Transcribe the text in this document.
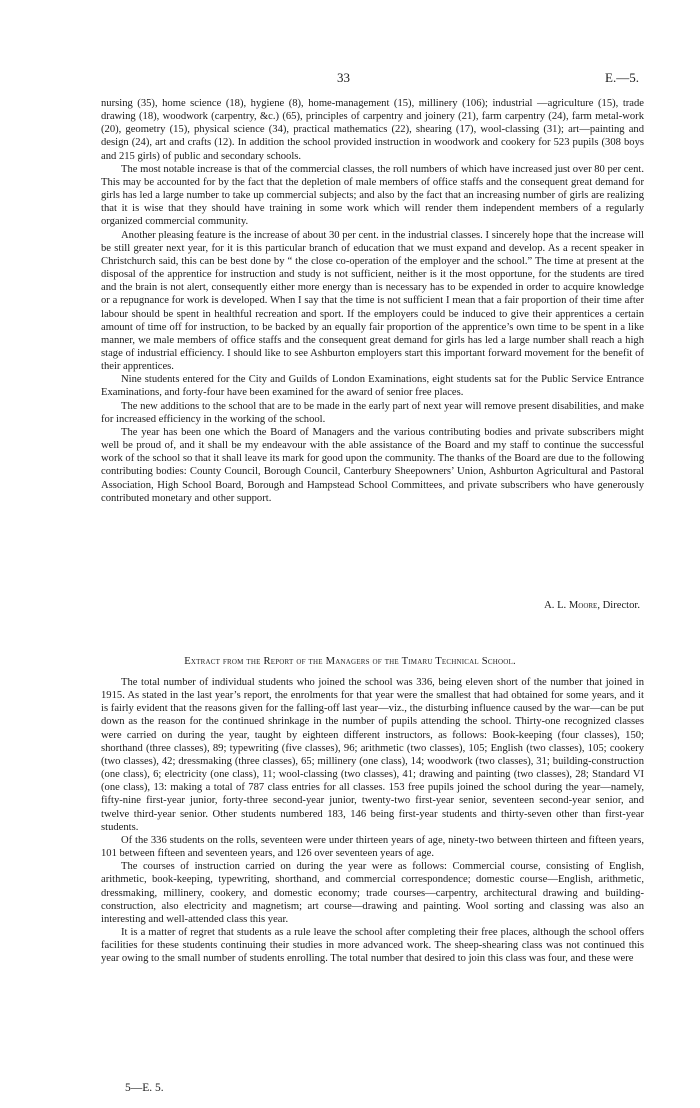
33	E.—5.

nursing (35), home science (18), hygiene (8), home-management (15), millinery (106); industrial —agriculture (15), trade drawing (18), woodwork (carpentry, &c.) (65), principles of carpentry and joinery (21), farm carpentry (24), farm metal-work (20), geometry (15), physical science (34), practical mathematics (22), shearing (17), wool-classing (31); art—painting and design (24), art and crafts (12). In addition the school provided instruction in woodwork and cookery for 523 pupils (308 boys and 215 girls) of public and secondary schools.

The most notable increase is that of the commercial classes, the roll numbers of which have increased just over 80 per cent. This may be accounted for by the fact that the depletion of male members of office staffs and the consequent great demand for girls has led a large number to take up commercial subjects; and also by the fact that an increasing number of girls are realizing that it is wise that they should have training in some work which will render them independent members of a regularly organized commercial community.

Another pleasing feature is the increase of about 30 per cent. in the industrial classes. I sincerely hope that the increase will be still greater next year, for it is this particular branch of education that we must expand and develop. As a recent speaker in Christchurch said, this can be best done by “ the close co-operation of the employer and the school.” The time at present at the disposal of the apprentice for instruction and study is not sufficient, neither is it the most opportune, for the students are tired and the brain is not alert, consequently either more energy than is necessary has to be expended in order to acquire knowledge or a repugnance for work is developed. When I say that the time is not sufficient I mean that a fair proportion of their time after labour should be spent in healthful recreation and sport. If the employers could be induced to give their apprentices a certain amount of time off for instruction, to be backed by an equally fair proportion of the apprentice’s own time to be spent in a like manner, we male members of office staffs and the consequent great demand for girls has led a large number shall reach a high stage of industrial efficiency. I should like to see Ashburton employers start this important forward movement for the benefit of their apprentices.

Nine students entered for the City and Guilds of London Examinations, eight students sat for the Public Service Entrance Examinations, and forty-four have been examined for the award of senior free places.

The new additions to the school that are to be made in the early part of next year will remove present disabilities, and make for increased efficiency in the working of the school.

The year has been one which the Board of Managers and the various contributing bodies and private subscribers might well be proud of, and it shall be my endeavour with the able assistance of the Board and my staff to continue the successful work of the school so that it shall leave its mark for good upon the community. The thanks of the Board are due to the following contributing bodies: County Council, Borough Council, Canterbury Sheepowners’ Union, Ashburton Agricultural and Pastoral Association, High School Board, Borough and Hampstead School Committees, and private subscribers who have generously contributed monetary and other support.

A. L. Moore, Director.
Extract from the Report of the Managers of the Timaru Technical School.

The total number of individual students who joined the school was 336, being eleven short of the number that joined in 1915. As stated in the last year’s report, the enrolments for that year were the smallest that had obtained for some years, and it is fairly evident that the reasons given for the falling-off last year—viz., the disturbing influence caused by the war—can be put down as the reason for the continued shrinkage in the number of pupils attending the school. Thirty-one recognized classes were carried on during the year, taught by eighteen different instructors, as follows: Book-keeping (four classes), 150; shorthand (three classes), 89; typewriting (five classes), 96; arithmetic (two classes), 105; English (two classes), 105; cookery (two classes), 42; dressmaking (three classes), 65; millinery (one class), 14; woodwork (two classes), 31; building-construction (one class), 6; electricity (one class), 11; wool-classing (two classes), 41; drawing and painting (two classes), 28; Standard VI (one class), 13: making a total of 787 class entries for all classes. 153 free pupils joined the school during the year—namely, fifty-nine first-year junior, forty-three second-year junior, twenty-two first-year senior, seventeen second-year senior, and twelve third-year senior. Other students numbered 183, 146 being first-year students and thirty-seven other than first-year students.

Of the 336 students on the rolls, seventeen were under thirteen years of age, ninety-two between thirteen and fifteen years, 101 between fifteen and seventeen years, and 126 over seventeen years of age.

The courses of instruction carried on during the year were as follows: Commercial course, consisting of English, arithmetic, book-keeping, typewriting, shorthand, and commercial correspondence; domestic course—English, arithmetic, dressmaking, millinery, cookery, and domestic economy; trade courses—carpentry, architectural drawing and building-construction, also electricity and magnetism; art course—drawing and painting. Wool sorting and classing was also an interesting and well-attended class this year.

It is a matter of regret that students as a rule leave the school after completing their free places, although the school offers facilities for these students continuing their studies in more advanced work. The sheep-shearing class was not continued this year owing to the small number of students enrolling. The total number that desired to join this class was four, and these were

5—E. 5.
